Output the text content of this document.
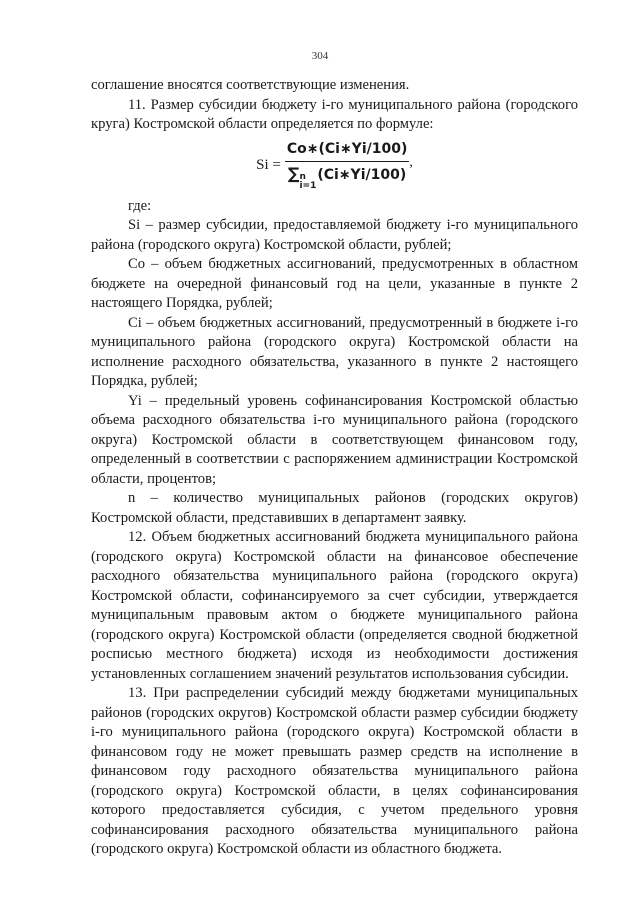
304

соглашение вносятся соответствующие изменения.

11. Размер субсидии бюджету i-го муниципального района (городского круга) Костромской области определяется по формуле:

Si =
Co∗(Ci∗Yi/100)
∑ n
i=1
(Ci∗Yi/100)
,

где:

Si – размер субсидии, предоставляемой бюджету i-го муниципального района (городского округа) Костромской области, рублей;

Co – объем бюджетных ассигнований, предусмотренных в областном бюджете на очередной финансовый год на цели, указанные в пункте 2 настоящего Порядка, рублей;

Ci – объем бюджетных ассигнований, предусмотренный в бюджете i-го муниципального района (городского округа) Костромской области на исполнение расходного обязательства, указанного в пункте 2 настоящего Порядка, рублей;

Yi – предельный уровень софинансирования Костромской областью объема расходного обязательства i-го муниципального района (городского округа) Костромской области в соответствующем финансовом году, определенный в соответствии с распоряжением администрации Костромской области, процентов;

n – количество муниципальных районов (городских округов) Костромской области, представивших в департамент заявку.

12. Объем бюджетных ассигнований бюджета муниципального района (городского округа) Костромской области на финансовое обеспечение расходного обязательства муниципального района (городского округа) Костромской области, софинансируемого за счет субсидии, утверждается муниципальным правовым актом о бюджете муниципального района (городского округа) Костромской области (определяется сводной бюджетной росписью местного бюджета) исходя из необходимости достижения установленных соглашением значений результатов использования субсидии.

13. При распределении субсидий между бюджетами муниципальных районов (городских округов) Костромской области размер субсидии бюджету i-го муниципального района (городского округа) Костромской области в финансовом году не может превышать размер средств на исполнение в финансовом году расходного обязательства муниципального района (городского округа) Костромской области, в целях софинансирования которого предоставляется субсидия, с учетом предельного уровня софинансирования расходного обязательства муниципального района (городского округа) Костромской области из областного бюджета.
